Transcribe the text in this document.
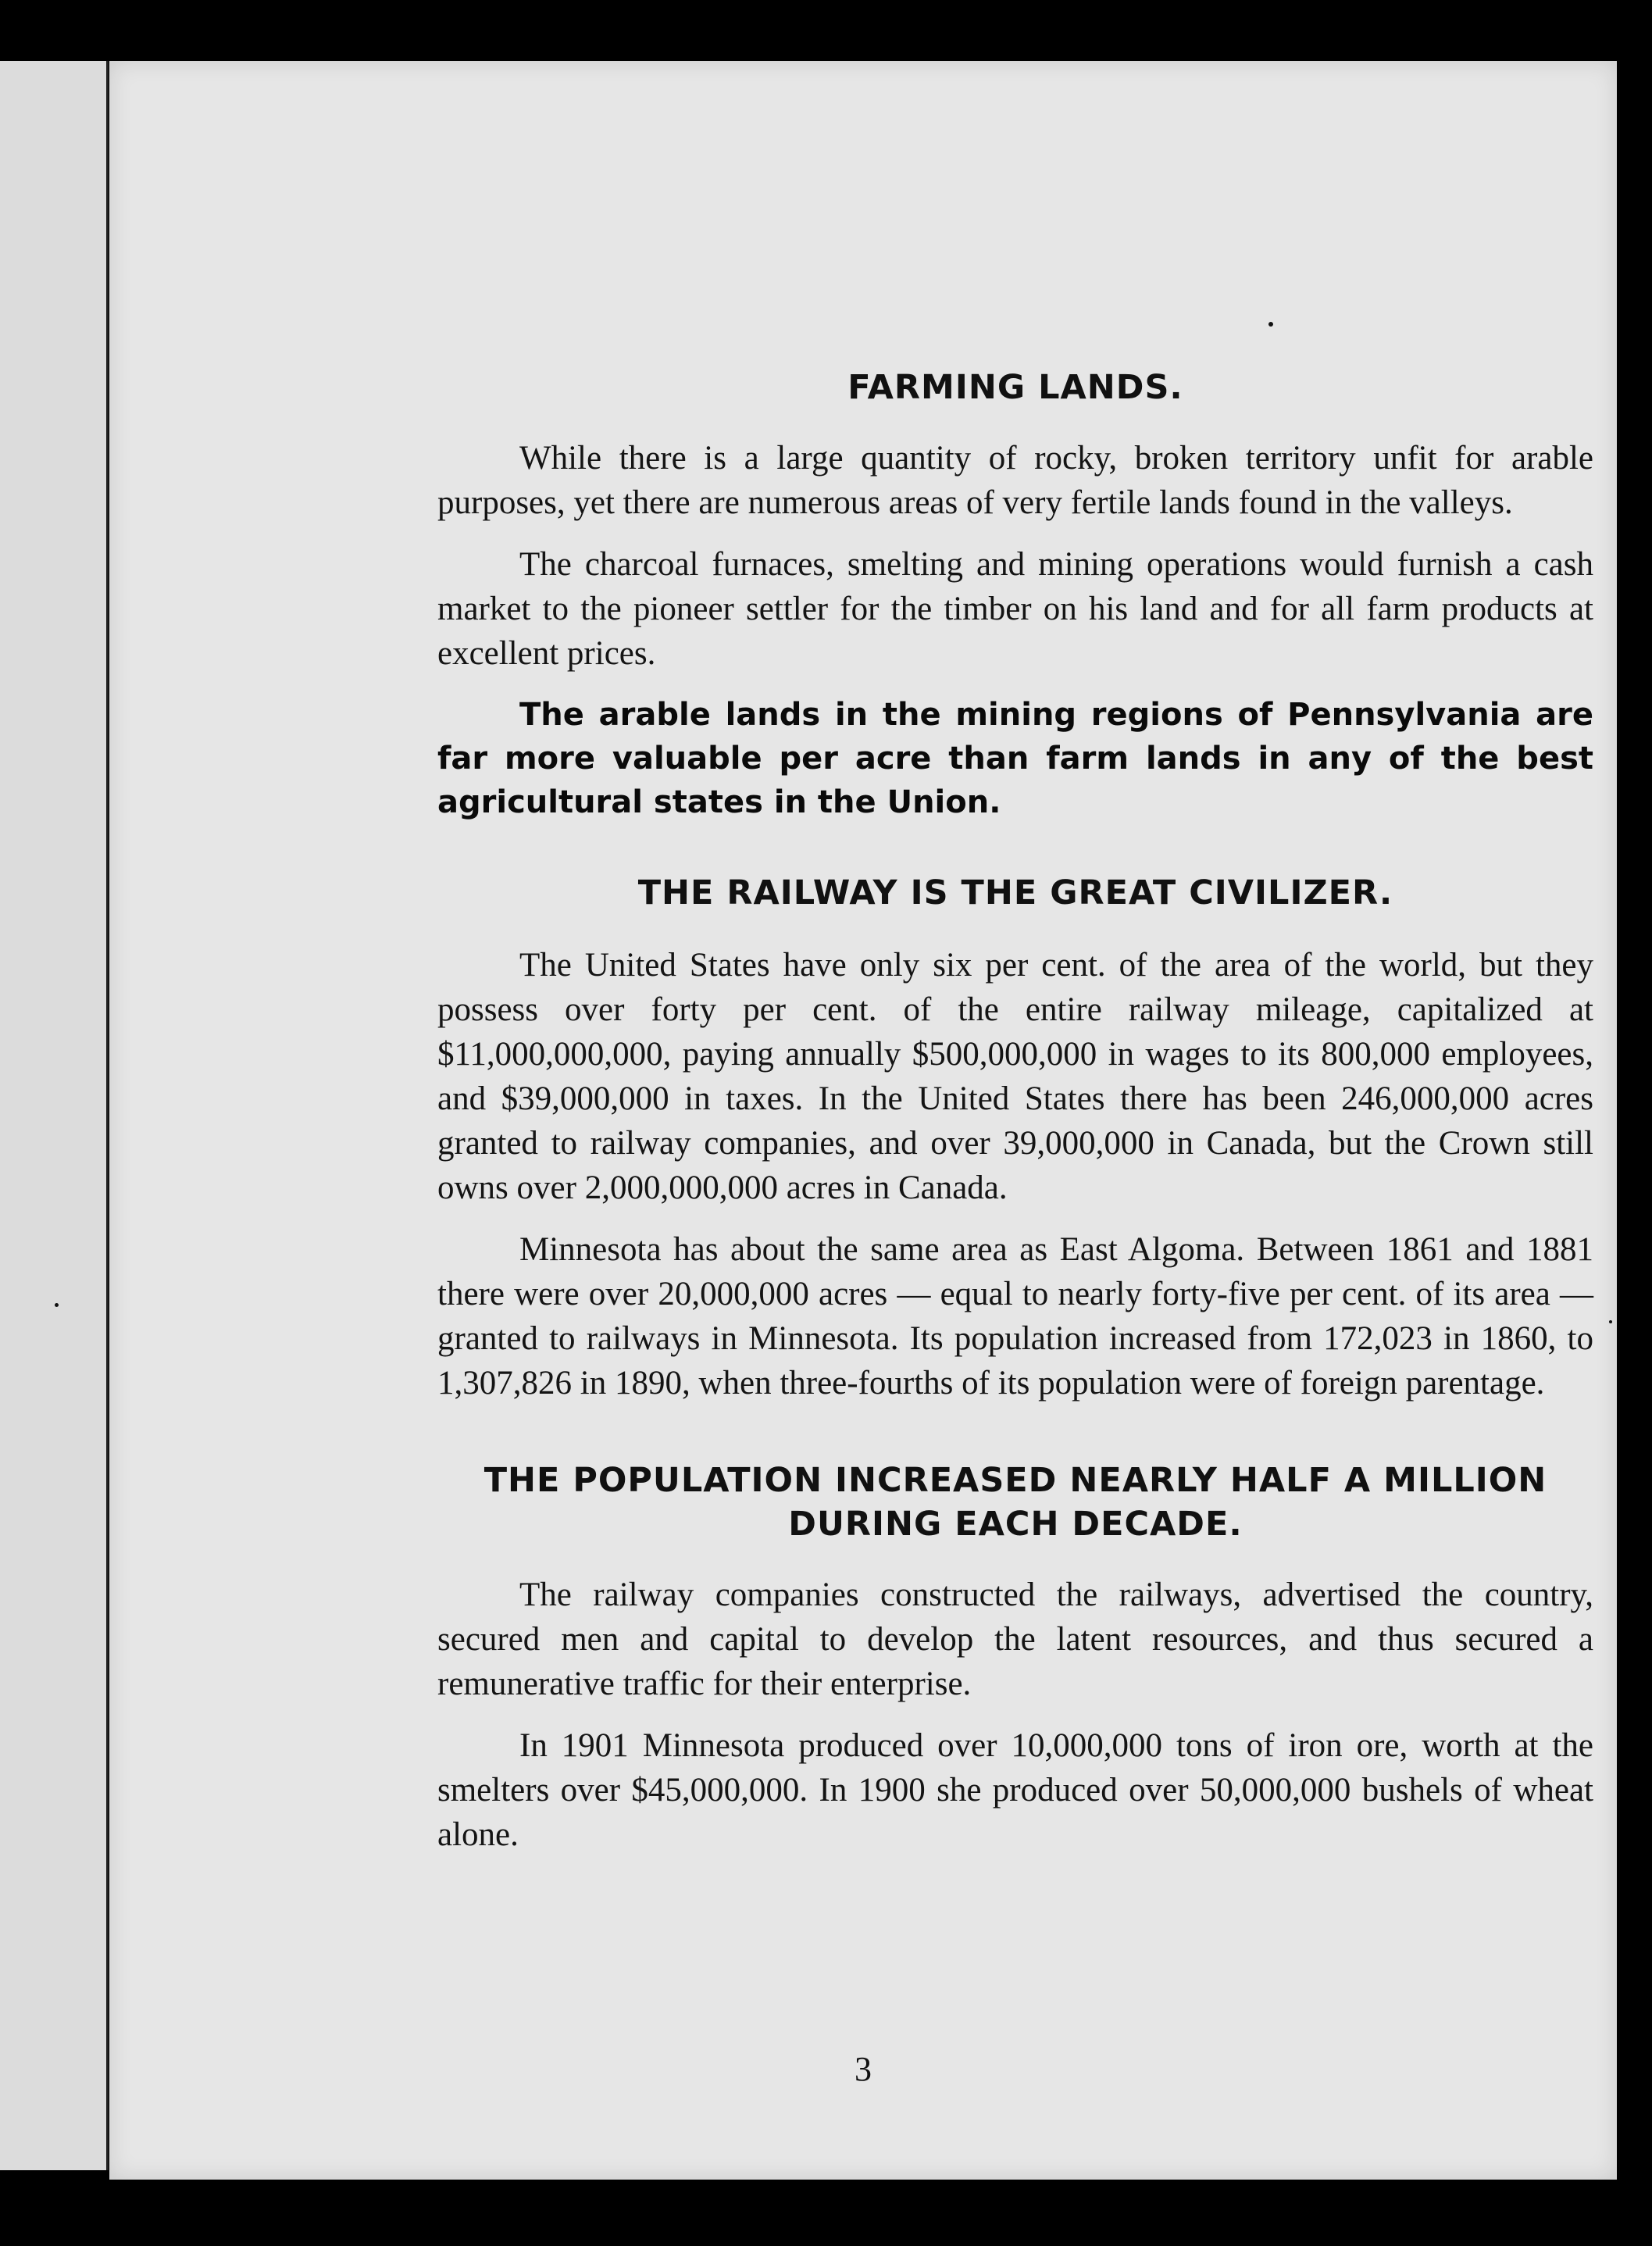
FARMING LANDS.

While there is a large quantity of rocky, broken territory unfit for arable purposes, yet there are numerous areas of very fertile lands found in the valleys.

The charcoal furnaces, smelting and mining operations would furnish a cash market to the pioneer settler for the timber on his land and for all farm products at excellent prices.

The arable lands in the mining regions of Pennsylvania are far more valuable per acre than farm lands in any of the best agricultural states in the Union.

THE RAILWAY IS THE GREAT CIVILIZER.

The United States have only six per cent. of the area of the world, but they possess over forty per cent. of the entire railway mileage, capitalized at $11,000,000,000, paying annually $500,000,000 in wages to its 800,000 employees, and $39,000,000 in taxes. In the United States there has been 246,000,000 acres granted to railway companies, and over 39,000,000 in Canada, but the Crown still owns over 2,000,000,000 acres in Canada.

Minnesota has about the same area as East Algoma. Between 1861 and 1881 there were over 20,000,000 acres — equal to nearly forty-five per cent. of its area — granted to railways in Minnesota. Its population increased from 172,023 in 1860, to 1,307,826 in 1890, when three-fourths of its population were of foreign parentage.

THE POPULATION INCREASED NEARLY HALF A MILLION
DURING EACH DECADE.

The railway companies constructed the railways, advertised the country, secured men and capital to develop the latent resources, and thus secured a remunerative traffic for their enterprise.

In 1901 Minnesota produced over 10,000,000 tons of iron ore, worth at the smelters over $45,000,000. In 1900 she produced over 50,000,000 bushels of wheat alone.

3
